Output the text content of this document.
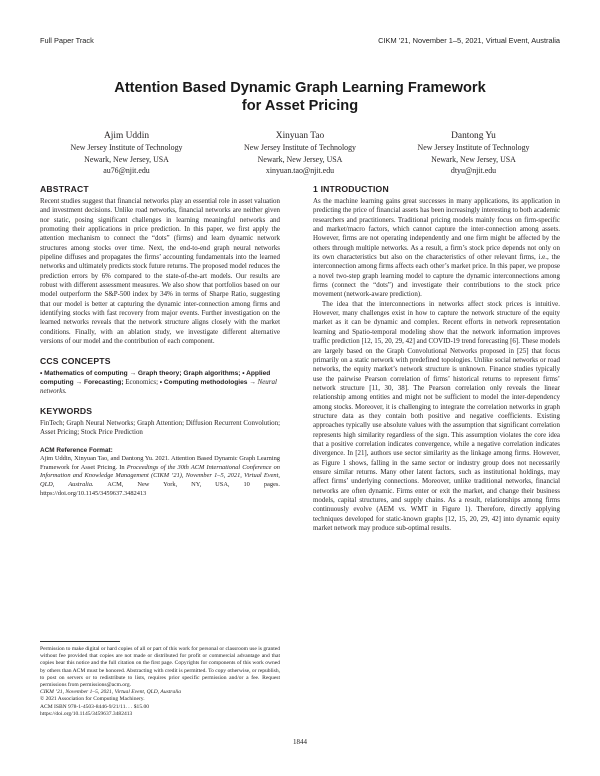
Full Paper Track	CIKM ’21, November 1–5, 2021, Virtual Event, Australia
Attention Based Dynamic Graph Learning Framework
for Asset Pricing
Ajim Uddin
New Jersey Institute of Technology
Newark, New Jersey, USA
au76@njit.edu
Xinyuan Tao
New Jersey Institute of Technology
Newark, New Jersey, USA
xinyuan.tao@njit.edu
Dantong Yu
New Jersey Institute of Technology
Newark, New Jersey, USA
dtyu@njit.edu
ABSTRACT

Recent studies suggest that financial networks play an essential role in asset valuation and investment decisions. Unlike road networks, financial networks are neither given nor static, posing significant challenges in learning meaningful networks and promoting their applications in price prediction. In this paper, we first apply the attention mechanism to connect the “dots” (firms) and learn dynamic network structures among stocks over time. Next, the end-to-end graph neural networks pipeline diffuses and propagates the firms’ accounting fundamentals into the learned networks and ultimately predicts stock future returns. The proposed model reduces the prediction errors by 6% compared to the state-of-the-art models. Our results are robust with different assessment measures. We also show that portfolios based on our model outperform the S&P-500 index by 34% in terms of Sharpe Ratio, suggesting that our model is better at capturing the dynamic inter-connection among firms and identifying stocks with fast recovery from major events. Further investigation on the learned networks reveals that the network structure aligns closely with the market conditions. Finally, with an ablation study, we investigate different alternative versions of our model and the contribution of each component.

CCS CONCEPTS

• Mathematics of computing → Graph theory; Graph algorithms; • Applied computing → Forecasting; Economics; • Computing methodologies → Neural networks.

KEYWORDS

FinTech; Graph Neural Networks; Graph Attention; Diffusion Recurrent Convolution; Asset Pricing; Stock Price Prediction

ACM Reference Format:

Ajim Uddin, Xinyuan Tao, and Dantong Yu. 2021. Attention Based Dynamic Graph Learning Framework for Asset Pricing. In Proceedings of the 30th ACM International Conference on Information and Knowledge Management (CIKM ’21), November 1–5, 2021, Virtual Event, QLD, Australia. ACM, New York, NY, USA, 10 pages. https://doi.org/10.1145/3459637.3482413

Permission to make digital or hard copies of all or part of this work for personal or classroom use is granted without fee provided that copies are not made or distributed for profit or commercial advantage and that copies bear this notice and the full citation on the first page. Copyrights for components of this work owned by others than ACM must be honored. Abstracting with credit is permitted. To copy otherwise, or republish, to post on servers or to redistribute to lists, requires prior specific permission and/or a fee. Request permissions from permissions@acm.org.
CIKM ’21, November 1–5, 2021, Virtual Event, QLD, Australia
© 2021 Association for Computing Machinery.
ACM ISBN 978-1-4503-8446-9/21/11. . . $15.00
https://doi.org/10.1145/3459637.3482413
1 INTRODUCTION

As the machine learning gains great successes in many applications, its application in predicting the price of financial assets has been increasingly interesting to both academic researchers and practitioners. Traditional pricing models mainly focus on firm-specific and market/macro factors, which cannot capture the inter-connection among assets. However, firms are not operating independently and one firm might be affected by the others through multiple networks. As a result, a firm’s stock price depends not only on its own characteristics but also on the characteristics of other relevant firms, i.e., the interconnection among firms affects each other’s market price. In this paper, we propose a novel two-step graph learning model to capture the dynamic interconnections among firms (connect the “dots”) and investigate their contributions to the stock price movement (network-aware prediction).

The idea that the interconnections in networks affect stock prices is intuitive. However, many challenges exist in how to capture the network structure of the equity market as it can be dynamic and complex. Recent efforts in network representation learning and Spatio-temporal modeling show that the network information improves traffic prediction [12, 15, 20, 29, 42] and COVID-19 trend forecasting [6]. These models are largely based on the Graph Convolutional Networks proposed in [25] that focus primarily on a static network with predefined topologies. Unlike social networks or road networks, the equity market’s network structure is unknown. Finance studies typically use the pairwise Pearson correlation of firms’ historical returns to represent firms’ network structure [11, 30, 38]. The Pearson correlation only reveals the linear relationship among entities and might not be sufficient to model the inter-dependency among stocks. Moreover, it is challenging to integrate the correlation networks in graph structure data as they contain both positive and negative coefficients. Existing approaches typically use absolute values with the assumption that significant correlation represents high similarity regardless of the sign. This assumption violates the core idea that a positive correlation indicates convergence, while a negative correlation indicates divergence. In [21], authors use sector similarity as the linkage among firms. However, as Figure 1 shows, falling in the same sector or industry group does not necessarily ensure similar returns. Many other latent factors, such as institutional holdings, may affect firms’ underlying connections. Moreover, unlike traditional networks, financial networks are often dynamic. Firms enter or exit the market, and change their business models, capital structures, and supply chains. As a result, relationships among firms continuously evolve (AEM vs. WMT in Figure 1). Therefore, directly applying techniques developed for static-known graphs [12, 15, 20, 29, 42] into dynamic equity market network may produce sub-optimal results.

1844
